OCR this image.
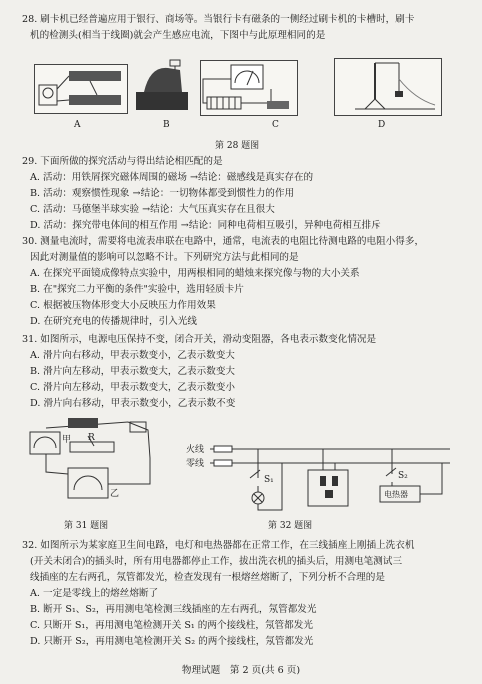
28. 刷卡机已经普遍应用于银行、商场等。当银行卡有磁条的一侧经过刷卡机的卡槽时，刷卡
机的检测头(相当于线圈)就会产生感应电流，下图中与此原理相同的是
A	B	C	D
第 28 题图
29. 下面所做的探究活动与得出结论相匹配的是
A. 活动：用铁屑探究磁体周围的磁场 →结论：磁感线是真实存在的
B. 活动：观察惯性现象 →结论：一切物体都受到惯性力的作用
C. 活动：马德堡半球实验 →结论：大气压真实存在且很大
D. 活动：探究带电体间的相互作用 →结论：同种电荷相互吸引，异种电荷相互排斥
30. 测量电流时，需要将电流表串联在电路中，通常，电流表的电阻比待测电路的电阻小得多，
因此对测量值的影响可以忽略不计。下列研究方法与此相同的是
A. 在探究平面镜成像特点实验中，用两根相同的蜡烛来探究像与物的大小关系
B. 在"探究二力平衡的条件"实验中，选用轻质卡片
C. 根据被压物体形变大小反映压力作用效果
D. 在研究充电的传播规律时，引入光线
31. 如图所示，电源电压保持不变，闭合开关，滑动变阻器，各电表示数变化情况是
A. 滑片向右移动，甲表示数变小，乙表示数变大
B. 滑片向左移动，甲表示数变大，乙表示数变大
C. 滑片向左移动，甲表示数变大，乙表示数变小
D. 滑片向右移动，甲表示数变小，乙表示数不变
甲 R
乙
第 31 题图
火线
零线
S₁	S₂
电热器
第 32 题图
32. 如图所示为某家庭卫生间电路，电灯和电热器都在正常工作，在三线插座上刚插上洗衣机
(开关未闭合)的插头时，所有用电器都停止工作，拔出洗衣机的插头后，用测电笔测试三
线插座的左右两孔，氖管都发光，检查发现有一根熔丝熔断了，下列分析不合理的是
A. 一定是零线上的熔丝熔断了
B. 断开 S₁、S₂，再用测电笔检测三线插座的左右两孔，氖管都发光
C. 只断开 S₁，再用测电笔检测开关 S₁ 的两个接线柱，氖管都发光
D. 只断开 S₂，再用测电笔检测开关 S₂ 的两个接线柱，氖管都发光
物理试题　第 2 页(共 6 页)
